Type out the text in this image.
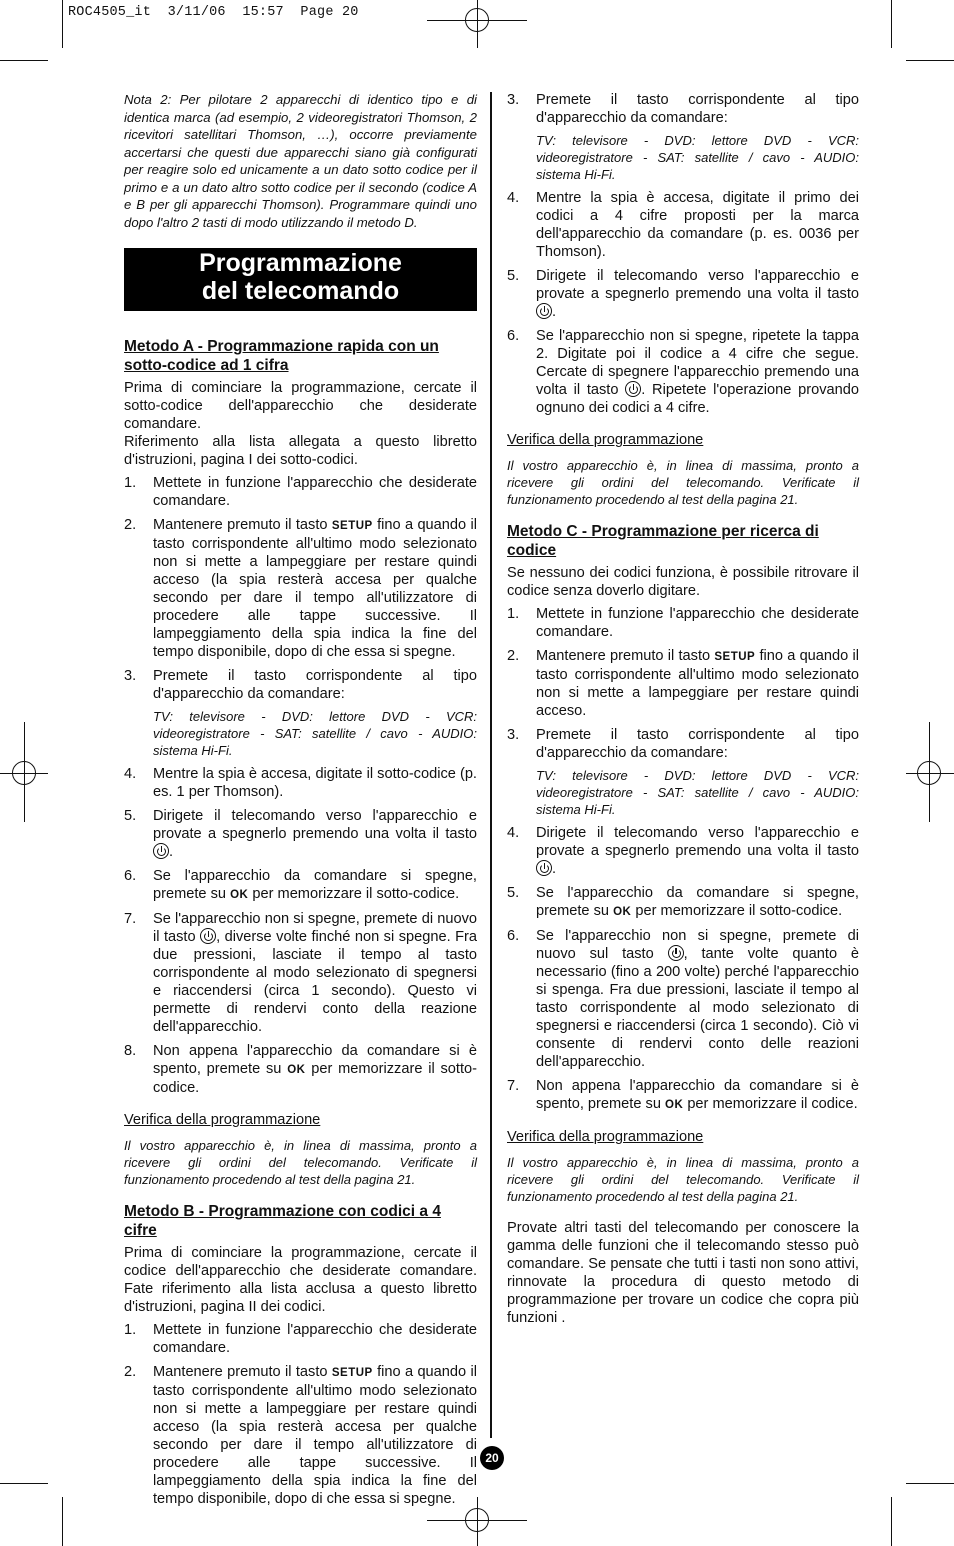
ROC4505_it  3/11/06  15:57  Page 20

Nota 2: Per pilotare 2 apparecchi di identico tipo e di identica marca (ad esempio, 2 videoregistratori Thomson, 2 ricevitori satellitari Thomson, …), occorre previamente accertarsi che questi due apparecchi siano già configurati per reagire solo ed unicamente a un dato sotto codice per il primo e a un dato altro sotto codice per il secondo (codice A e B per gli apparecchi Thomson). Programmare quindi uno dopo l'altro 2 tasti di modo utilizzando il metodo D.

Programmazione
del telecomando
Metodo A - Programmazione rapida con un sotto-codice ad 1 cifra

Prima di cominciare la programmazione, cercate il sotto-codice dell'apparecchio che desiderate comandare.

Riferimento alla lista allegata a questo libretto d'istruzioni, pagina I dei sotto-codici.

1. Mettete in funzione l'apparecchio che desiderate comandare.
2. Mantenere premuto il tasto SETUP fino a quando il tasto corrispondente all'ultimo modo selezionato non si mette a lampeggiare per restare quindi acceso (la spia resterà accesa per qualche secondo per dare il tempo all'utilizzatore di procedere alle tappe successive. Il lampeggiamento della spia indica la fine del tempo disponibile, dopo di che essa si spegne.
3. Premete il tasto corrispondente al tipo d'apparecchio da comandare:
TV: televisore - DVD: lettore DVD - VCR: videoregistratore - SAT: satellite / cavo - AUDIO: sistema Hi-Fi.
4. Mentre la spia è accesa, digitate il sotto-codice (p. es. 1 per Thomson).
5. Dirigete il telecomando verso l'apparecchio e provate a spegnerlo premendo una volta il tasto .
6. Se l'apparecchio da comandare si spegne, premete su OK per memorizzare il sotto-codice.
7. Se l'apparecchio non si spegne, premete di nuovo il tasto , diverse volte finché non si spegne. Fra due pressioni, lasciate il tempo al tasto corrispondente al modo selezionato di spegnersi e riaccendersi (circa 1 secondo). Questo vi permette di rendervi conto della reazione dell'apparecchio.
8. Non appena l'apparecchio da comandare si è spento, premete su OK per memorizzare il sotto-codice.

Verifica della programmazione

Il vostro apparecchio è, in linea di massima, pronto a ricevere gli ordini del telecomando. Verificate il funzionamento procedendo al test della pagina 21.

Metodo B - Programmazione con codici a 4 cifre

Prima di cominciare la programmazione, cercate il codice dell'apparecchio che desiderate comandare. Fate riferimento alla lista acclusa a questo libretto d'istruzioni, pagina II dei codici.

1. Mettete in funzione l'apparecchio che desiderate comandare.
2. Mantenere premuto il tasto SETUP fino a quando il tasto corrispondente all'ultimo modo selezionato non si mette a lampeggiare per restare quindi acceso (la spia resterà accesa per qualche secondo per dare il tempo all'utilizzatore di procedere alle tappe successive. Il lampeggiamento della spia indica la fine del tempo disponibile, dopo di che essa si spegne.
3. Premete il tasto corrispondente al tipo d'apparecchio da comandare:
TV: televisore - DVD: lettore DVD - VCR: videoregistratore - SAT: satellite / cavo - AUDIO: sistema Hi-Fi.
4. Mentre la spia è accesa, digitate il primo dei codici a 4 cifre proposti per la marca dell'apparecchio da comandare (p. es. 0036 per Thomson).
5. Dirigete il telecomando verso l'apparecchio e provate a spegnerlo premendo una volta il tasto .
6. Se l'apparecchio non si spegne, ripetete la tappa 2. Digitate poi il codice a 4 cifre che segue. Cercate di spegnere l'apparecchio premendo una volta il tasto . Ripetete l'operazione provando ognuno dei codici a 4 cifre.

Verifica della programmazione

Il vostro apparecchio è, in linea di massima, pronto a ricevere gli ordini del telecomando. Verificate il funzionamento procedendo al test della pagina 21.

Metodo C - Programmazione per ricerca di codice

Se nessuno dei codici funziona, è possibile ritrovare il codice senza doverlo digitare.

1. Mettete in funzione l'apparecchio che desiderate comandare.
2. Mantenere premuto il tasto SETUP fino a quando il tasto corrispondente all'ultimo modo selezionato non si mette a lampeggiare per restare quindi acceso.
3. Premete il tasto corrispondente al tipo d'apparecchio da comandare:
TV: televisore - DVD: lettore DVD - VCR: videoregistratore - SAT: satellite / cavo - AUDIO: sistema Hi-Fi.
4. Dirigete il telecomando verso l'apparecchio e provate a spegnerlo premendo una volta il tasto .
5. Se l'apparecchio da comandare si spegne, premete su OK per memorizzare il sotto-codice.
6. Se l'apparecchio non si spegne, premete di nuovo sul tasto , tante volte quanto è necessario (fino a 200 volte) perché l'apparecchio si spenga. Fra due pressioni, lasciate il tempo al tasto corrispondente al modo selezionato di spegnersi e riaccendersi (circa 1 secondo). Ciò vi consente di rendervi conto delle reazioni dell'apparecchio.
7. Non appena l'apparecchio da comandare si è spento, premete su OK per memorizzare il codice.

Verifica della programmazione

Il vostro apparecchio è, in linea di massima, pronto a ricevere gli ordini del telecomando. Verificate il funzionamento procedendo al test della pagina 21.

Provate altri tasti del telecomando per conoscere la gamma delle funzioni che il telecomando stesso può comandare. Se pensate che tutti i tasti non sono attivi, rinnovate la procedura di questo metodo di programmazione per trovare un codice che copra più funzioni .

20
